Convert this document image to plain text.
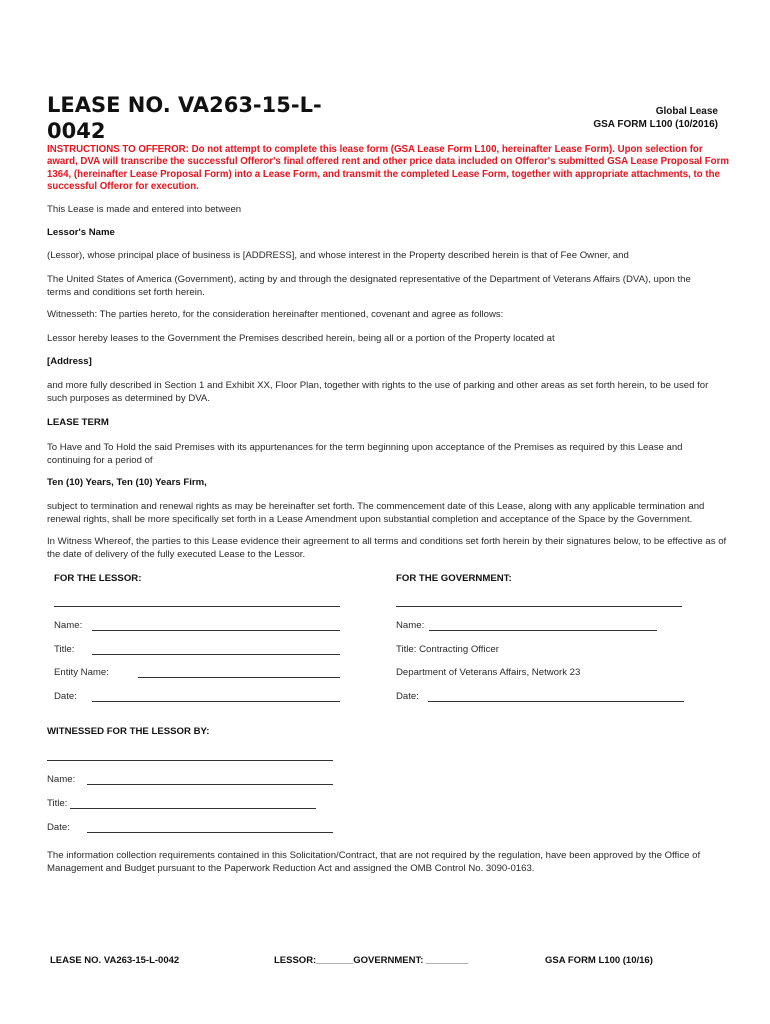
LEASE NO. VA263-15-L-0042
Global Lease
GSA FORM L100 (10/2016)
INSTRUCTIONS TO OFFEROR: Do not attempt to complete this lease form (GSA Lease Form L100, hereinafter Lease Form). Upon selection for award, DVA will transcribe the successful Offeror's final offered rent and other price data included on Offeror's submitted GSA Lease Proposal Form 1364, (hereinafter Lease Proposal Form) into a Lease Form, and transmit the completed Lease Form, together with appropriate attachments, to the successful Offeror for execution.
This Lease is made and entered into between
Lessor's Name
(Lessor), whose principal place of business is [ADDRESS], and whose interest in the Property described herein is that of Fee Owner, and
The United States of America (Government), acting by and through the designated representative of the Department of Veterans Affairs (DVA), upon the terms and conditions set forth herein.
Witnesseth: The parties hereto, for the consideration hereinafter mentioned, covenant and agree as follows:
Lessor hereby leases to the Government the Premises described herein, being all or a portion of the Property located at
[Address]
and more fully described in Section 1 and Exhibit XX, Floor Plan, together with rights to the use of parking and other areas as set forth herein, to be used for such purposes as determined by DVA.
LEASE TERM
To Have and To Hold the said Premises with its appurtenances for the term beginning upon acceptance of the Premises as required by this Lease and continuing for a period of
Ten (10) Years, Ten (10) Years Firm,
subject to termination and renewal rights as may be hereinafter set forth. The commencement date of this Lease, along with any applicable termination and renewal rights, shall be more specifically set forth in a Lease Amendment upon substantial completion and acceptance of the Space by the Government.
In Witness Whereof, the parties to this Lease evidence their agreement to all terms and conditions set forth herein by their signatures below, to be effective as of the date of delivery of the fully executed Lease to the Lessor.
FOR THE LESSOR:
Name:
Title:
Entity Name:
Date:
FOR THE GOVERNMENT:
Name:
Title: Contracting Officer
Department of Veterans Affairs, Network 23
Date:
WITNESSED FOR THE LESSOR BY:
Name:
Title:
Date:
The information collection requirements contained in this Solicitation/Contract, that are not required by the regulation, have been approved by the Office of Management and Budget pursuant to the Paperwork Reduction Act and assigned the OMB Control No. 3090-0163.
LEASE NO. VA263-15-L-0042	LESSOR:_______GOVERNMENT: ________	GSA FORM L100 (10/16)
